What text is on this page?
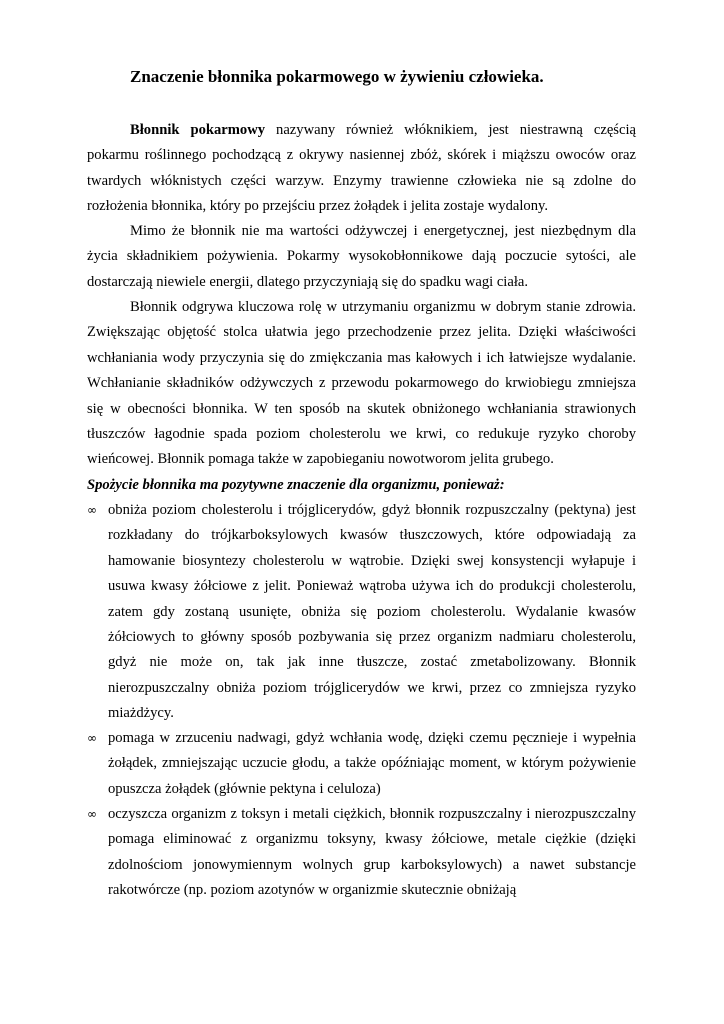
Znaczenie błonnika pokarmowego w żywieniu człowieka.

Błonnik pokarmowy nazywany również włóknikiem, jest niestrawną częścią pokarmu roślinnego pochodzącą z okrywy nasiennej zbóż, skórek i miąższu owoców oraz twardych włóknistych części warzyw. Enzymy trawienne człowieka nie są zdolne do rozłożenia błonnika, który po przejściu przez żołądek i jelita zostaje wydalony.

Mimo że błonnik nie ma wartości odżywczej i energetycznej, jest niezbędnym dla życia składnikiem pożywienia. Pokarmy wysokobłonnikowe dają poczucie sytości, ale dostarczają niewiele energii, dlatego przyczyniają się do spadku wagi ciała.

Błonnik odgrywa kluczowa rolę w utrzymaniu organizmu w dobrym stanie zdrowia. Zwiększając objętość stolca ułatwia jego przechodzenie przez jelita. Dzięki właściwości wchłaniania wody przyczynia się do zmiękczania mas kałowych i ich łatwiejsze wydalanie. Wchłanianie składników odżywczych z przewodu pokarmowego do krwiobiegu zmniejsza się w obecności błonnika. W ten sposób na skutek obniżonego wchłaniania strawionych tłuszczów łagodnie spada poziom cholesterolu we krwi, co redukuje ryzyko choroby wieńcowej. Błonnik pomaga także w zapobieganiu nowotworom jelita grubego.

Spożycie błonnika ma pozytywne znaczenie dla organizmu, ponieważ:

∞ obniża poziom cholesterolu i trójglicerydów, gdyż błonnik rozpuszczalny (pektyna) jest rozkładany do trójkarboksylowych kwasów tłuszczowych, które odpowiadają za hamowanie biosyntezy cholesterolu w wątrobie. Dzięki swej konsystencji wyłapuje i usuwa kwasy żółciowe z jelit. Ponieważ wątroba używa ich do produkcji cholesterolu, zatem gdy zostaną usunięte, obniża się poziom cholesterolu. Wydalanie kwasów żółciowych to główny sposób pozbywania się przez organizm nadmiaru cholesterolu, gdyż nie może on, tak jak inne tłuszcze, zostać zmetabolizowany. Błonnik nierozpuszczalny obniża poziom trójglicerydów we krwi, przez co zmniejsza ryzyko miażdżycy.
∞ pomaga w zrzuceniu nadwagi, gdyż wchłania wodę, dzięki czemu pęcznieje i wypełnia żołądek, zmniejszając uczucie głodu, a także opóźniając moment, w którym pożywienie opuszcza żołądek (głównie pektyna i celuloza)
∞ oczyszcza organizm z toksyn i metali ciężkich, błonnik rozpuszczalny i nierozpuszczalny pomaga eliminować z organizmu toksyny, kwasy żółciowe, metale ciężkie (dzięki zdolnościom jonowymiennym wolnych grup karboksylowych) a nawet substancje rakotwórcze (np. poziom azotynów w organizmie skutecznie obniżają
